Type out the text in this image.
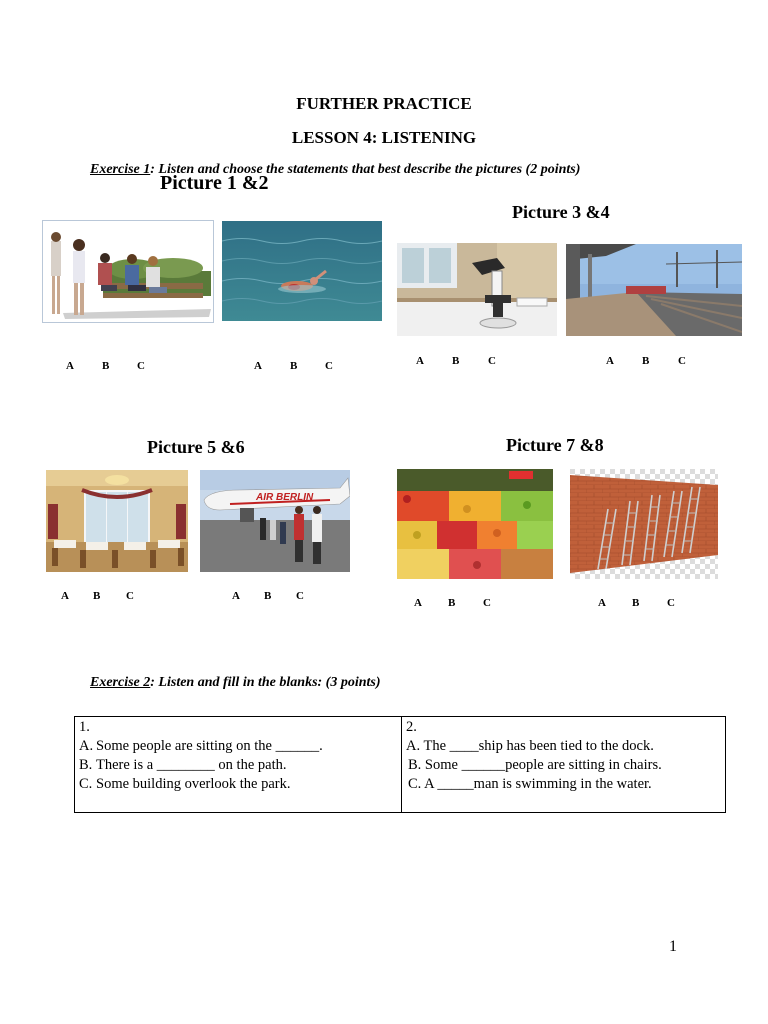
FURTHER PRACTICE
LESSON 4: LISTENING
Exercise 1: Listen and choose the statements that best describe the pictures (2 points)
Picture 1 &2
Picture 3 &4
Picture 5 &6	Picture 7 &8
AIR BERLIN
A	B	C	A	B	C	A	B	C	A	B	C
A B C	A B C
A B	C	A B	C
Exercise 2: Listen and fill in the blanks: (3 points)
1.
A. Some people are sitting on the ______.
B. There is a ________ on the path.
C. Some building overlook the park.

2.
A. The ____ship has been tied to the dock.
B. Some ______people are sitting in chairs.
C. A _____man is swimming in the water.
1
